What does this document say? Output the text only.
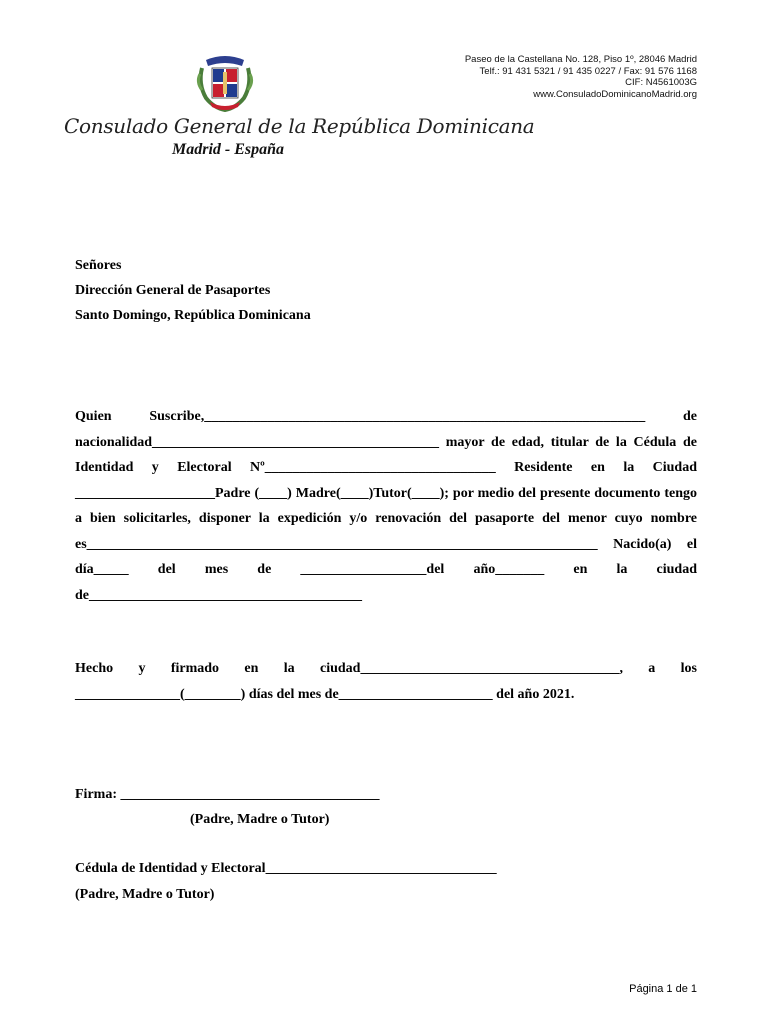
Paseo de la Castellana No. 128, Piso 1º, 28046 Madrid
Telf.: 91 431 5321 / 91 435 0227 / Fax: 91 576 1168
CIF: N4561003G
www.ConsuladoDominicanoMadrid.org
Consulado General de la República Dominicana
Madrid - España
Señores
Dirección General de Pasaportes
Santo Domingo, República Dominicana

Quien Suscribe,_______________________________________________________________ de nacionalidad_________________________________________ mayor de edad, titular de la Cédula de Identidad y Electoral Nº_________________________________ Residente en la Ciudad ____________________Padre (____) Madre(____)Tutor(____); por medio del presente documento tengo a bien solicitarles, disponer la expedición y/o renovación del pasaporte del menor cuyo nombre es_________________________________________________________________________ Nacido(a) el día_____ del mes de __________________del año_______ en la ciudad de_______________________________________

Hecho y firmado en la ciudad_____________________________________, a los _______________(________) días del mes de______________________ del año 2021.

Firma: _____________________________________
(Padre, Madre o Tutor)
Cédula de Identidad y Electoral_________________________________
(Padre, Madre o Tutor)
Página 1 de 1
